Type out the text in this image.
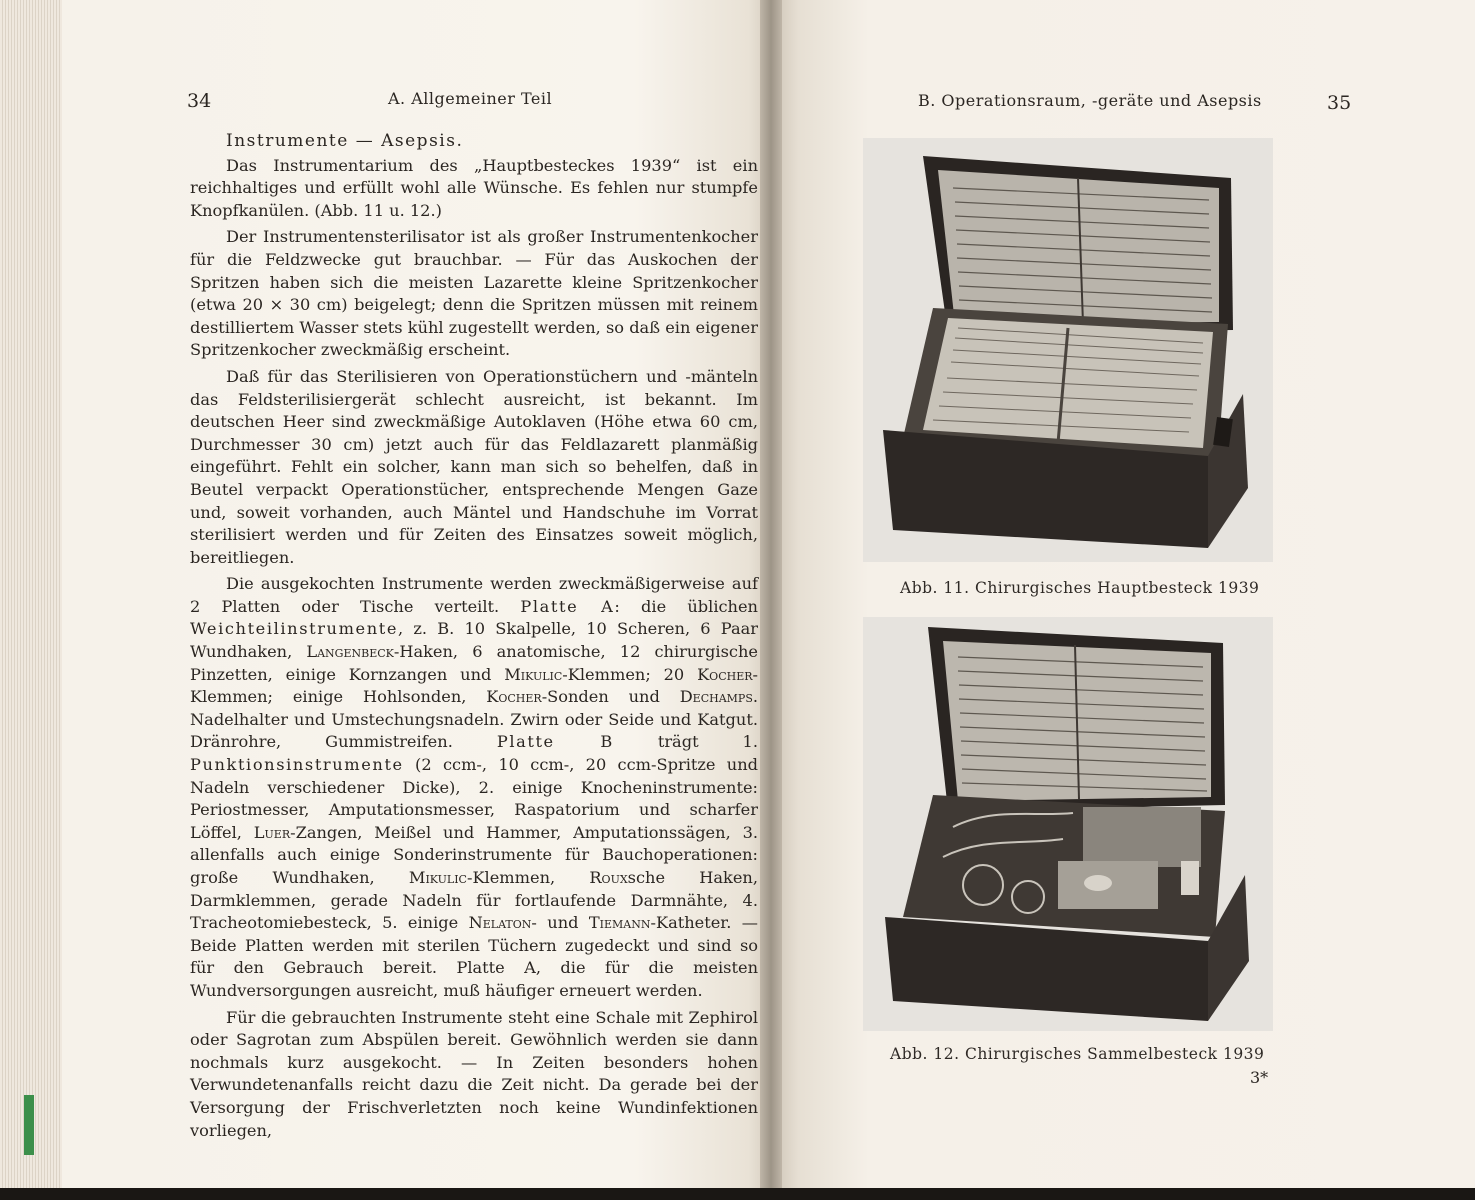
34	A. Allgemeiner Teil
Instrumente — Asepsis.

Das Instrumentarium des „Hauptbesteckes 1939“ ist ein reichhaltiges und erfüllt wohl alle Wünsche. Es fehlen nur stumpfe Knopfkanülen. (Abb. 11 u. 12.)

Der Instrumentensterilisator ist als großer Instrumentenkocher für die Feldzwecke gut brauchbar. — Für das Auskochen der Spritzen haben sich die meisten Lazarette kleine Spritzenkocher (etwa 20 × 30 cm) beigelegt; denn die Spritzen müssen mit reinem destilliertem Wasser stets kühl zugestellt werden, so daß ein eigener Spritzenkocher zweckmäßig erscheint.

Daß für das Sterilisieren von Operationstüchern und -mänteln das Feldsterilisiergerät schlecht ausreicht, ist bekannt. Im deutschen Heer sind zweckmäßige Autoklaven (Höhe etwa 60 cm, Durchmesser 30 cm) jetzt auch für das Feldlazarett planmäßig eingeführt. Fehlt ein solcher, kann man sich so behelfen, daß in Beutel verpackt Operationstücher, entsprechende Mengen Gaze und, soweit vorhanden, auch Mäntel und Handschuhe im Vorrat sterilisiert werden und für Zeiten des Einsatzes soweit möglich, bereitliegen.

Die ausgekochten Instrumente werden zweckmäßigerweise auf 2 Platten oder Tische verteilt. Platte A: die üblichen Weichteilinstrumente, z. B. 10 Skalpelle, 10 Scheren, 6 Paar Wundhaken, Langenbeck-Haken, 6 anatomische, 12 chirurgische Pinzetten, einige Kornzangen und Mikulic-Klemmen; 20 Kocher-Klemmen; einige Hohlsonden, Kocher-Sonden und Dechamps. Nadelhalter und Umstechungsnadeln. Zwirn oder Seide und Katgut. Dränrohre, Gummistreifen. Platte B trägt 1. Punktionsinstrumente (2 ccm-, 10 ccm-, 20 ccm-Spritze und Nadeln verschiedener Dicke), 2. einige Knocheninstrumente: Periostmesser, Amputationsmesser, Raspatorium und scharfer Löffel, Luer-Zangen, Meißel und Hammer, Amputationssägen, 3. allenfalls auch einige Sonderinstrumente für Bauchoperationen: große Wundhaken, Mikulic-Klemmen, Rouxsche Haken, Darmklemmen, gerade Nadeln für fortlaufende Darmnähte, 4. Tracheotomiebesteck, 5. einige Nelaton- und Tiemann-Katheter. — Beide Platten werden mit sterilen Tüchern zugedeckt und sind so für den Gebrauch bereit. Platte A, die für die meisten Wundversorgungen ausreicht, muß häufiger erneuert werden.

Für die gebrauchten Instrumente steht eine Schale mit Zephirol oder Sagrotan zum Abspülen bereit. Gewöhnlich werden sie dann nochmals kurz ausgekocht. — In Zeiten besonders hohen Verwundetenanfalls reicht dazu die Zeit nicht. Da gerade bei der Versorgung der Frischverletzten noch keine Wundinfektionen vorliegen,

B. Operationsraum, -geräte und Asepsis	35
Abb. 11. Chirurgisches Hauptbesteck 1939
Abb. 12. Chirurgisches Sammelbesteck 1939
3*
